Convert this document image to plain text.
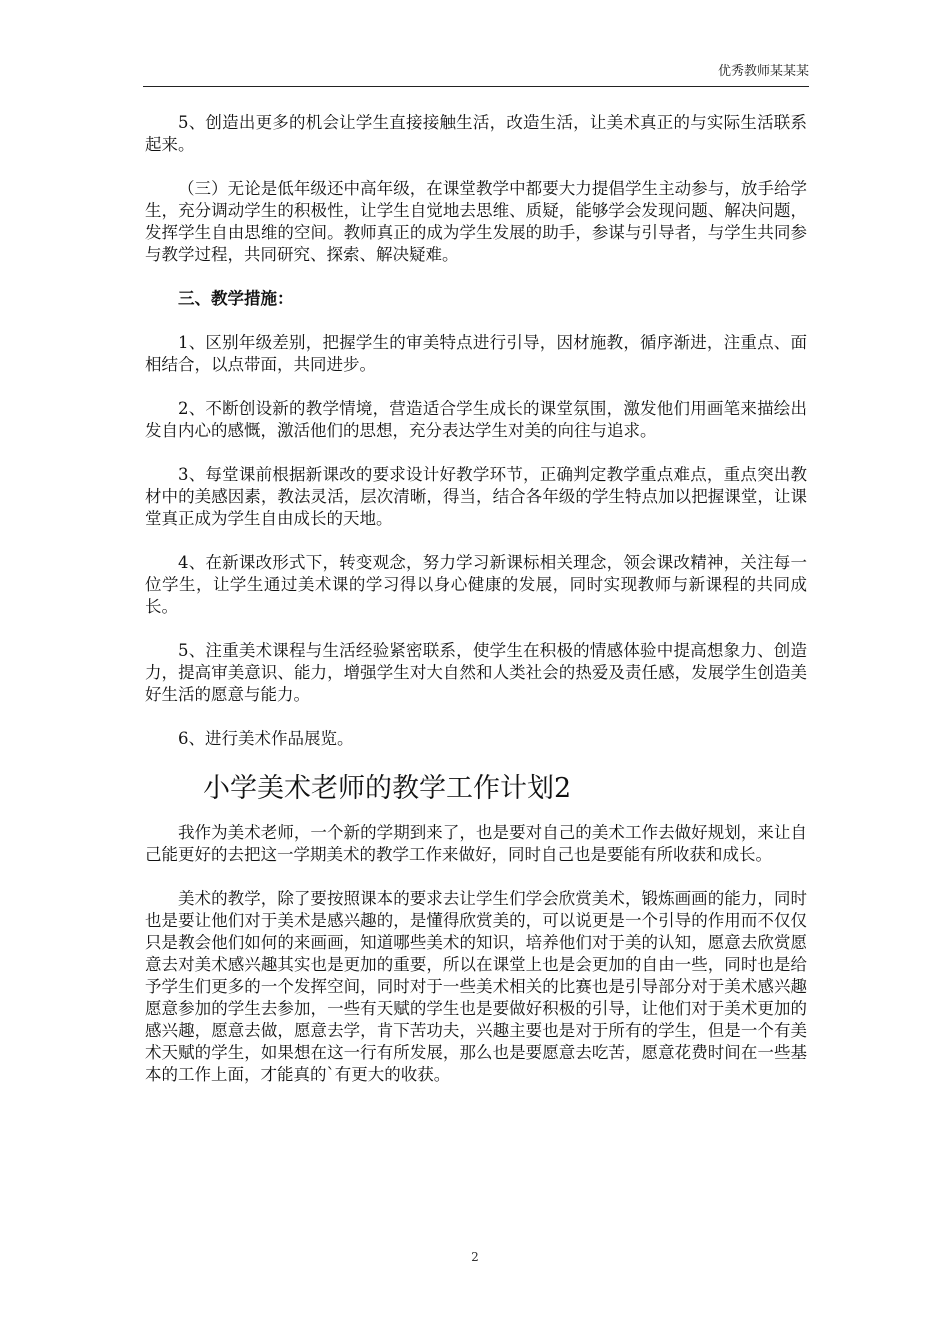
优秀教师某某某

5、创造出更多的机会让学生直接接触生活，改造生活，让美术真正的与实际生活联系起来。

（三）无论是低年级还中高年级，在课堂教学中都要大力提倡学生主动参与，放手给学生，充分调动学生的积极性，让学生自觉地去思维、质疑，能够学会发现问题、解决问题，发挥学生自由思维的空间。教师真正的成为学生发展的助手，参谋与引导者，与学生共同参与教学过程，共同研究、探索、解决疑难。

三、教学措施：

1、区别年级差别，把握学生的审美特点进行引导，因材施教，循序渐进，注重点、面相结合，以点带面，共同进步。

2、不断创设新的教学情境，营造适合学生成长的课堂氛围，激发他们用画笔来描绘出发自内心的感慨，激活他们的思想，充分表达学生对美的向往与追求。

3、每堂课前根据新课改的要求设计好教学环节，正确判定教学重点难点，重点突出教材中的美感因素，教法灵活，层次清晰，得当，结合各年级的学生特点加以把握课堂，让课堂真正成为学生自由成长的天地。

4、在新课改形式下，转变观念，努力学习新课标相关理念，领会课改精神，关注每一位学生，让学生通过美术课的学习得以身心健康的发展，同时实现教师与新课程的共同成长。

5、注重美术课程与生活经验紧密联系，使学生在积极的情感体验中提高想象力、创造力，提高审美意识、能力，增强学生对大自然和人类社会的热爱及责任感，发展学生创造美好生活的愿意与能力。

6、进行美术作品展览。

小学美术老师的教学工作计划2

我作为美术老师，一个新的学期到来了，也是要对自己的美术工作去做好规划，来让自己能更好的去把这一学期美术的教学工作来做好，同时自己也是要能有所收获和成长。

美术的教学，除了要按照课本的要求去让学生们学会欣赏美术，锻炼画画的能力，同时也是要让他们对于美术是感兴趣的，是懂得欣赏美的，可以说更是一个引导的作用而不仅仅只是教会他们如何的来画画，知道哪些美术的知识，培养他们对于美的认知，愿意去欣赏愿意去对美术感兴趣其实也是更加的重要，所以在课堂上也是会更加的自由一些，同时也是给予学生们更多的一个发挥空间，同时对于一些美术相关的比赛也是引导部分对于美术感兴趣愿意参加的学生去参加，一些有天赋的学生也是要做好积极的引导，让他们对于美术更加的感兴趣，愿意去做，愿意去学，肯下苦功夫，兴趣主要也是对于所有的学生，但是一个有美术天赋的学生，如果想在这一行有所发展，那么也是要愿意去吃苦，愿意花费时间在一些基本的工作上面，才能真的`有更大的收获。

2
